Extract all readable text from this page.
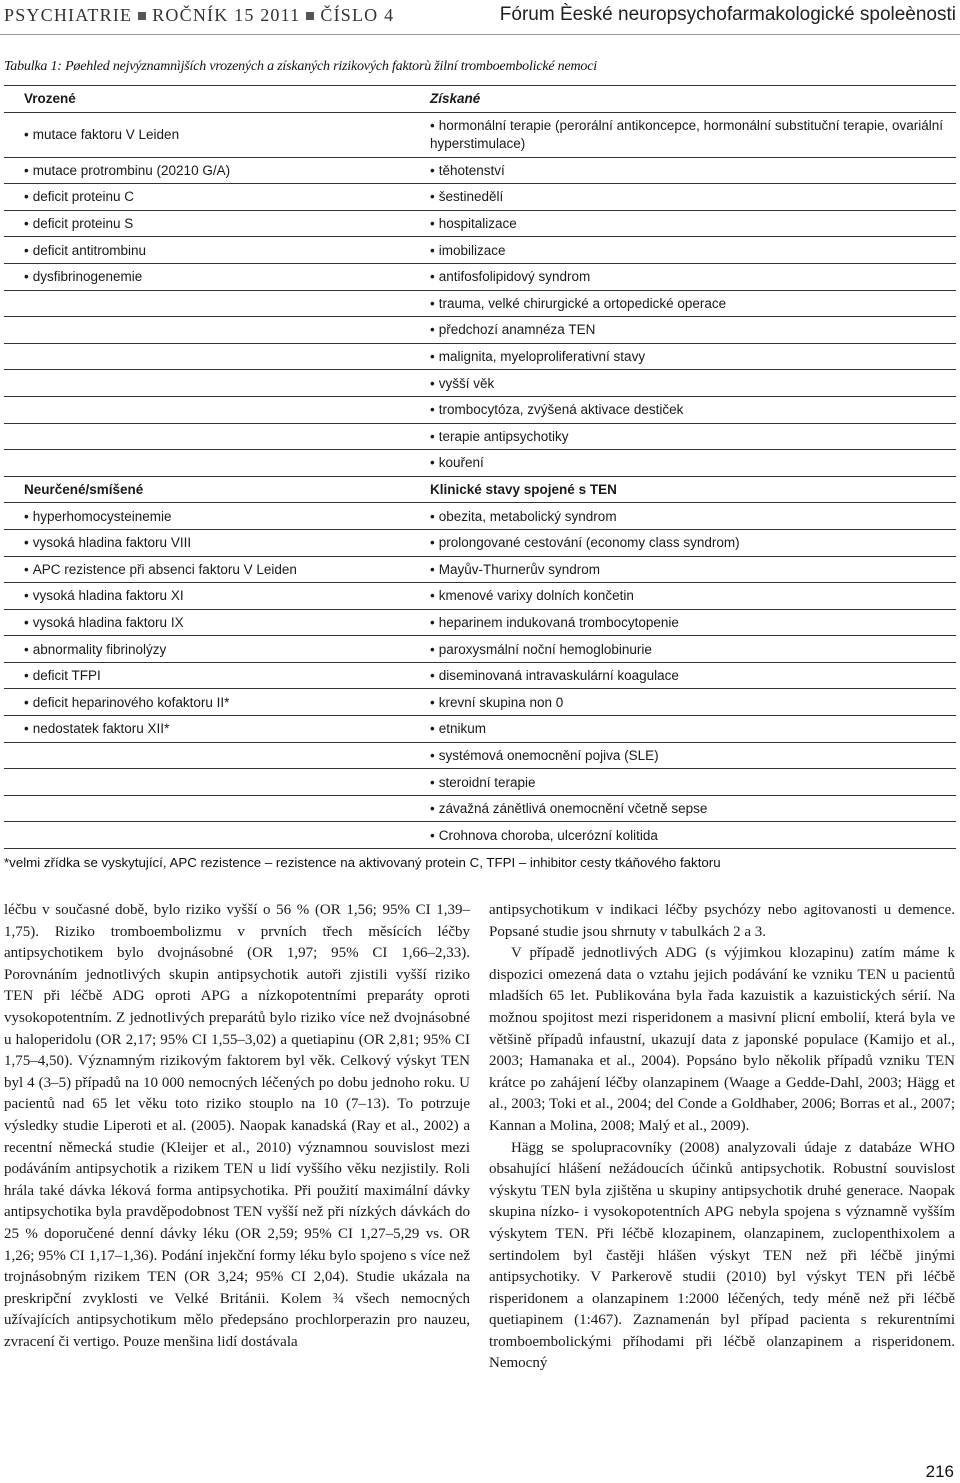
PSYCHIATRIE ROČNÍK 15 2011 ČÍSLO 4	Fórum Èeské neuropsychofarmakologické spoleènosti
Tabulka 1: Pøehled nejvýznamnìjších vrozených a získaných rizikových faktorù žilní tromboembolické nemoci
Vrozené	Získané
• mutace faktoru V Leiden	• hormonální terapie (perorální antikoncepce, hormonální substituční terapie, ovariální hyperstimulace)
• mutace protrombinu (20210 G/A)	• těhotenství
• deficit proteinu C	• šestinedělí
• deficit proteinu S	• hospitalizace
• deficit antitrombinu	• imobilizace
• dysfibrinogenemie	• antifosfolipidový syndrom
	• trauma, velké chirurgické a ortopedické operace
	• předchozí anamnéza TEN
	• malignita, myeloproliferativní stavy
	• vyšší věk
	• trombocytóza, zvýšená aktivace destiček
	• terapie antipsychotiky
	• kouření
Neurčené/smíšené	Klinické stavy spojené s TEN
• hyperhomocysteinemie	• obezita, metabolický syndrom
• vysoká hladina faktoru VIII	• prolongované cestování (economy class syndrom)
• APC rezistence při absenci faktoru V Leiden	• Mayův-Thurnerův syndrom
• vysoká hladina faktoru XI	• kmenové varixy dolních končetin
• vysoká hladina faktoru IX	• heparinem indukovaná trombocytopenie
• abnormality fibrinolýzy	• paroxysmální noční hemoglobinurie
• deficit TFPI	• diseminovaná intravaskulární koagulace
• deficit heparinového kofaktoru II*	• krevní skupina non 0
• nedostatek faktoru XII*	• etnikum
	• systémová onemocnění pojiva (SLE)
	• steroidní terapie
	• závažná zánětlivá onemocnění včetně sepse
	• Crohnova choroba, ulcerózní kolitida
*velmi zřídka se vyskytující, APC rezistence – rezistence na aktivovaný protein C, TFPI – inhibitor cesty tkáňového faktoru

léčbu v současné době, bylo riziko vyšší o 56 % (OR 1,56; 95% CI 1,39–1,75). Riziko tromboembolizmu v prvních třech měsících léčby antipsychotikem bylo dvojnásobné (OR 1,97; 95% CI 1,66–2,33). Porovnáním jednotlivých skupin antipsychotik autoři zjistili vyšší riziko TEN při léčbě ADG oproti APG a nízkopotentními preparáty oproti vysokopotentním. Z jednotlivých preparátů bylo riziko více než dvojnásobné u haloperidolu (OR 2,17; 95% CI 1,55–3,02) a quetiapinu (OR 2,81; 95% CI 1,75–4,50). Významným rizikovým faktorem byl věk. Celkový výskyt TEN byl 4 (3–5) případů na 10 000 nemocných léčených po dobu jednoho roku. U pacientů nad 65 let věku toto riziko stouplo na 10 (7–13). To potrzuje výsledky studie Liperoti et al. (2005). Naopak kanadská (Ray et al., 2002) a recentní německá studie (Kleijer et al., 2010) významnou souvislost mezi podáváním antipsychotik a rizikem TEN u lidí vyššího věku nezjistily. Roli hrála také dávka léková forma antipsychotika. Při použití maximální dávky antipsychotika byla pravděpodobnost TEN vyšší než při nízkých dávkách do 25 % doporučené denní dávky léku (OR 2,59; 95% CI 1,27–5,29 vs. OR 1,26; 95% CI 1,17–1,36). Podání injekční formy léku bylo spojeno s více než trojnásobným rizikem TEN (OR 3,24; 95% CI 2,04). Studie ukázala na preskripční zvyklosti ve Velké Británii. Kolem ¾ všech nemocných užívajících antipsychotikum mělo předepsáno prochlorperazin pro nauzeu, zvracení či vertigo. Pouze menšina lidí dostávala

antipsychotikum v indikaci léčby psychózy nebo agitovanosti u demence. Popsané studie jsou shrnuty v tabulkách 2 a 3.

V případě jednotlivých ADG (s výjimkou klozapinu) zatím máme k dispozici omezená data o vztahu jejich podávání ke vzniku TEN u pacientů mladších 65 let. Publikována byla řada kazuistik a kazuistických sérií. Na možnou spojitost mezi risperidonem a masivní plicní embolií, která byla ve většině případů infaustní, ukazují data z japonské populace (Kamijo et al., 2003; Hamanaka et al., 2004). Popsáno bylo několik případů vzniku TEN krátce po zahájení léčby olanzapinem (Waage a Gedde-Dahl, 2003; Hägg et al., 2003; Toki et al., 2004; del Conde a Goldhaber, 2006; Borras et al., 2007; Kannan a Molina, 2008; Malý et al., 2009).

Hägg se spolupracovníky (2008) analyzovali údaje z databáze WHO obsahující hlášení nežádoucích účinků antipsychotik. Robustní souvislost výskytu TEN byla zjištěna u skupiny antipsychotik druhé generace. Naopak skupina nízko- i vysokopotentních APG nebyla spojena s významně vyšším výskytem TEN. Při léčbě klozapinem, olanzapinem, zuclopenthixolem a sertindolem byl častěji hlášen výskyt TEN než při léčbě jinými antipsychotiky. V Parkerově studii (2010) byl výskyt TEN při léčbě risperidonem a olanzapinem 1:2000 léčených, tedy méně než při léčbě quetiapinem (1:467). Zaznamenán byl případ pacienta s rekurentními tromboembolickými příhodami při léčbě olanzapinem a risperidonem. Nemocný

216
